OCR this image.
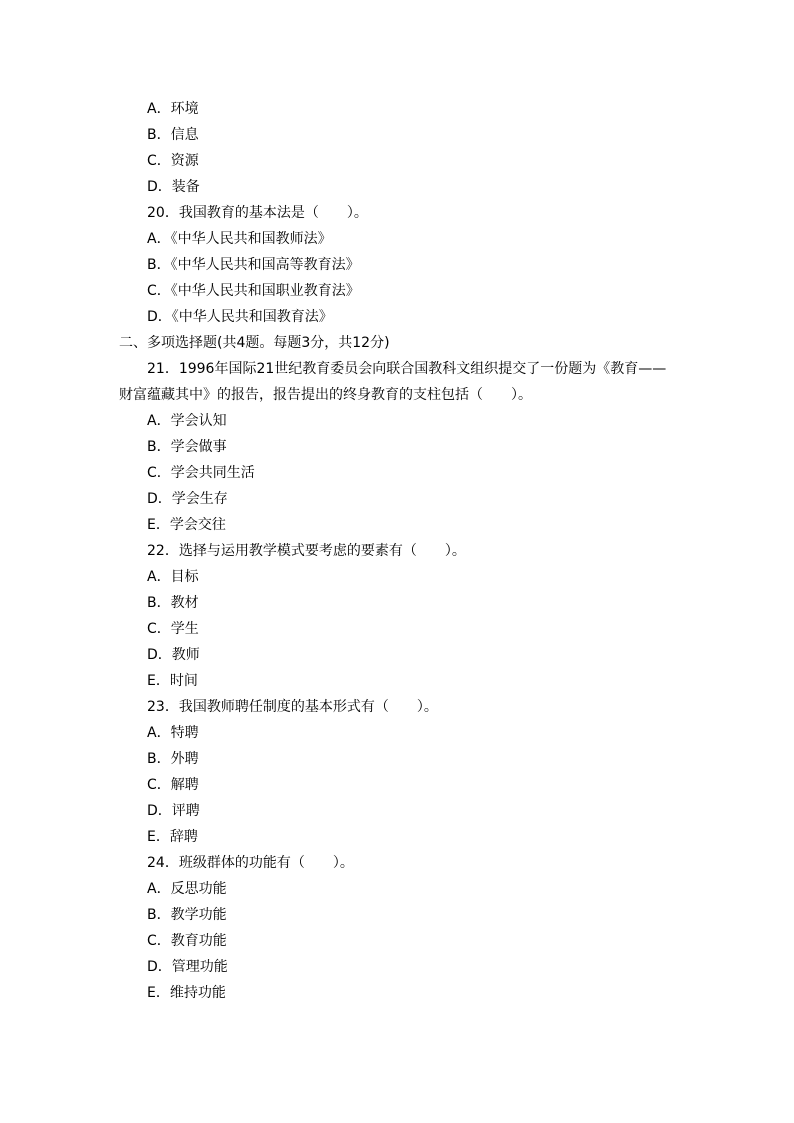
A．环境
B．信息
C．资源
D．装备
20．我国教育的基本法是（　　）。
A．《中华人民共和国教师法》
B．《中华人民共和国高等教育法》
C．《中华人民共和国职业教育法》
D．《中华人民共和国教育法》
二、多项选择题(共4题。每题3分，共12分)
21．1996年国际21世纪教育委员会向联合国教科文组织提交了一份题为《教育——
财富蕴藏其中》的报告，报告提出的终身教育的支柱包括（　　）。
A．学会认知
B．学会做事
C．学会共同生活
D．学会生存
E．学会交往
22．选择与运用教学模式要考虑的要素有（　　）。
A．目标
B．教材
C．学生
D．教师
E．时间
23．我国教师聘任制度的基本形式有（　　）。
A．特聘
B．外聘
C．解聘
D．评聘
E．辞聘
24．班级群体的功能有（　　）。
A．反思功能
B．教学功能
C．教育功能
D．管理功能
E．维持功能
